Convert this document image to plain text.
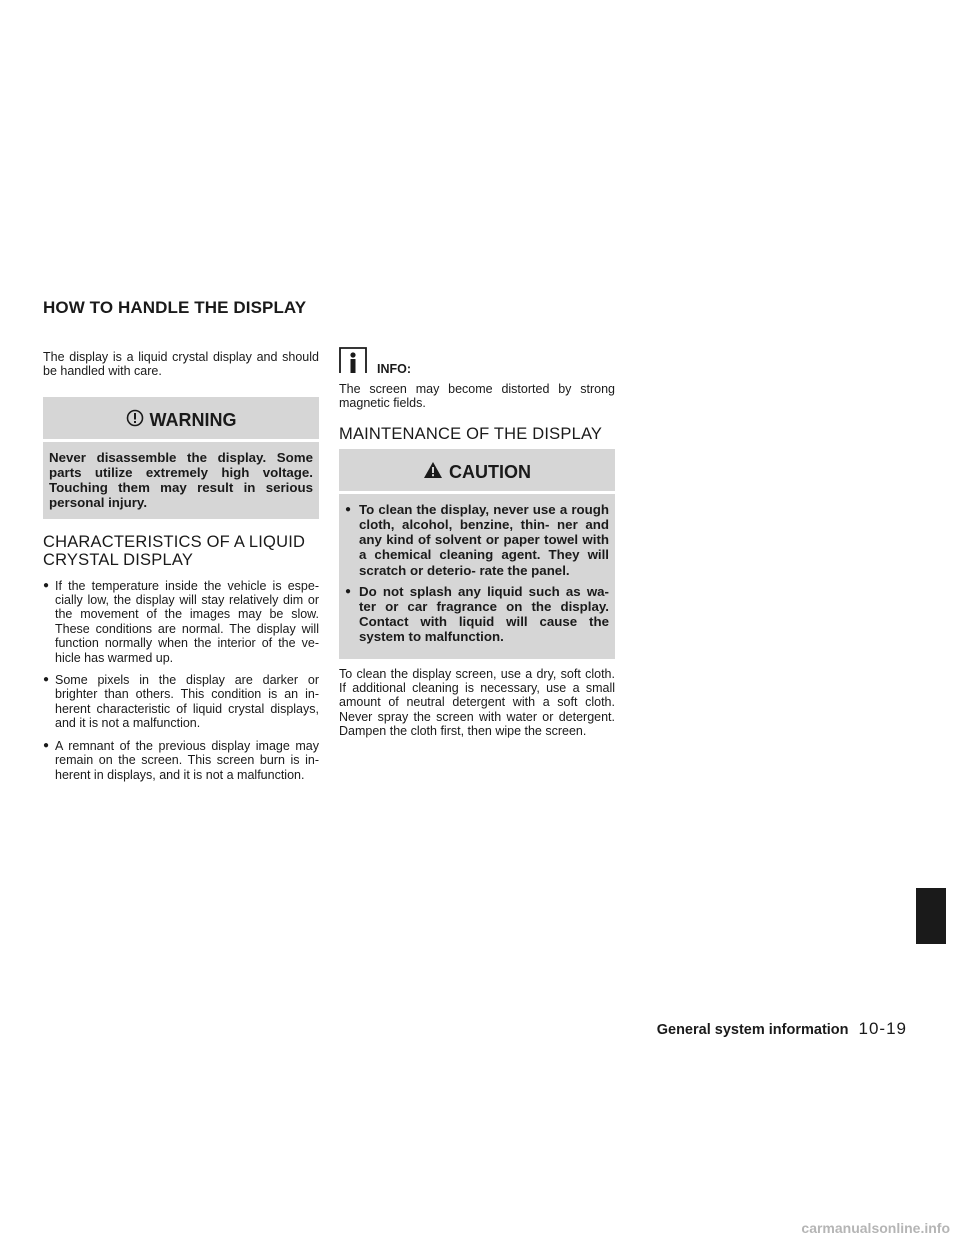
HOW TO HANDLE THE DISPLAY

The display is a liquid crystal display and should be handled with care.

WARNING

Never disassemble the display. Some parts utilize extremely high voltage. Touching them may result in serious personal injury.

CHARACTERISTICS OF A LIQUID
CRYSTAL DISPLAY
● If the temperature inside the vehicle is espe- cially low, the display will stay relatively dim or the movement of the images may be slow. These conditions are normal. The display will function normally when the interior of the ve- hicle has warmed up.
● Some pixels in the display are darker or brighter than others. This condition is an in- herent characteristic of liquid crystal displays, and it is not a malfunction.
● A remnant of the previous display image may remain on the screen. This screen burn is in- herent in displays, and it is not a malfunction.
INFO:

The screen may become distorted by strong magnetic fields.

MAINTENANCE OF THE DISPLAY
CAUTION
● To clean the display, never use a rough cloth, alcohol, benzine, thin- ner and any kind of solvent or paper towel with a chemical cleaning agent. They will scratch or deterio- rate the panel.
● Do not splash any liquid such as wa- ter or car fragrance on the display. Contact with liquid will cause the system to malfunction.

To clean the display screen, use a dry, soft cloth. If additional cleaning is necessary, use a small amount of neutral detergent with a soft cloth. Never spray the screen with water or detergent. Dampen the cloth first, then wipe the screen.

General system information 10-19
carmanualsonline.info
